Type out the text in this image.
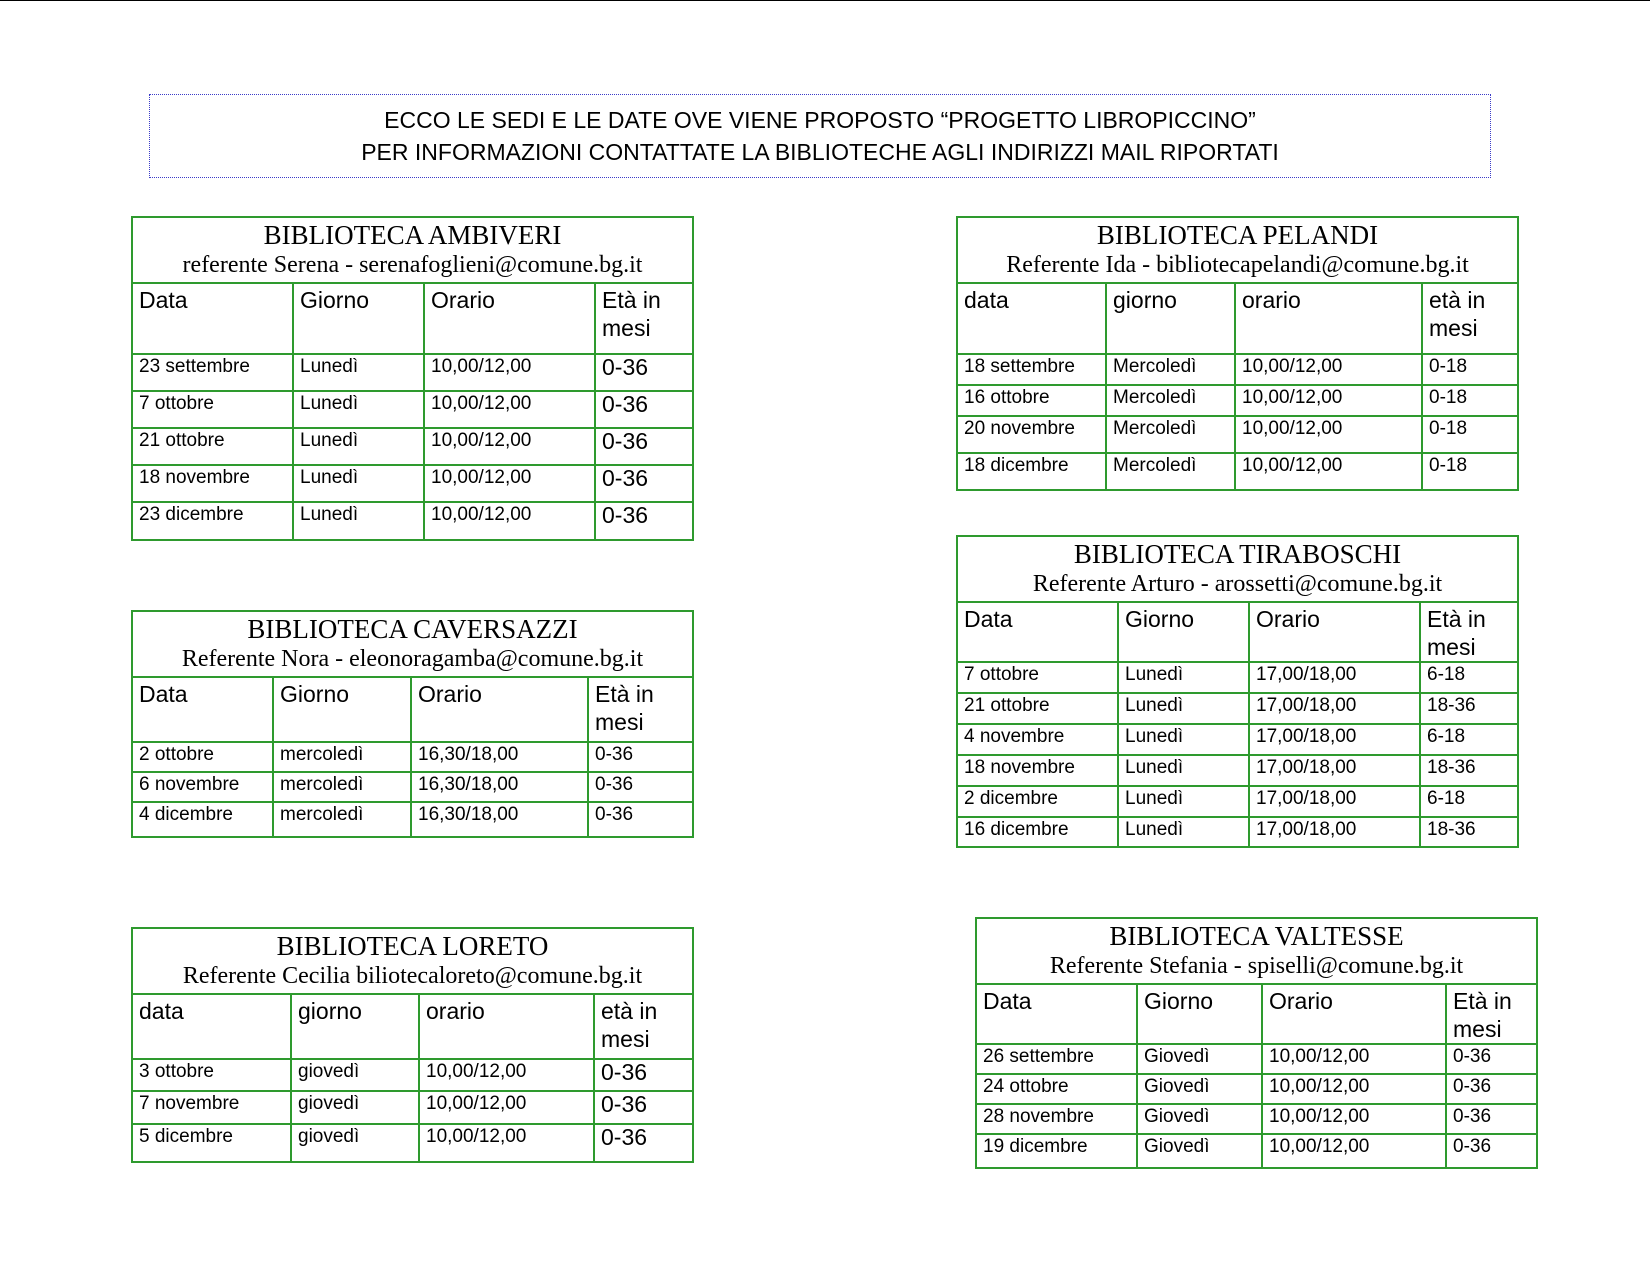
ECCO LE SEDI E LE DATE OVE VIENE PROPOSTO “PROGETTO LIBROPICCINO”
PER INFORMAZIONI CONTATTATE LA BIBLIOTECHE AGLI INDIRIZZI MAIL RIPORTATI
BIBLIOTECA AMBIVERI
referente Serena - serenafoglieni@comune.bg.it
Data	Giorno	Orario	Età in mesi
23 settembre	Lunedì	10,00/12,00	0-36
7 ottobre	Lunedì	10,00/12,00	0-36
21 ottobre	Lunedì	10,00/12,00	0-36
18 novembre	Lunedì	10,00/12,00	0-36
23 dicembre	Lunedì	10,00/12,00	0-36
BIBLIOTECA CAVERSAZZI
Referente Nora - eleonoragamba@comune.bg.it
Data	Giorno	Orario	Età in mesi
2 ottobre	mercoledì	16,30/18,00	0-36
6 novembre	mercoledì	16,30/18,00	0-36
4 dicembre	mercoledì	16,30/18,00	0-36
BIBLIOTECA LORETO
Referente Cecilia biliotecaloreto@comune.bg.it
data	giorno	orario	età in mesi
3 ottobre	giovedì	10,00/12,00	0-36
7 novembre	giovedì	10,00/12,00	0-36
5 dicembre	giovedì	10,00/12,00	0-36
BIBLIOTECA PELANDI
Referente Ida - bibliotecapelandi@comune.bg.it
data	giorno	orario	età in mesi
18 settembre	Mercoledì	10,00/12,00	0-18
16 ottobre	Mercoledì	10,00/12,00	0-18
20 novembre	Mercoledì	10,00/12,00	0-18
18 dicembre	Mercoledì	10,00/12,00	0-18
BIBLIOTECA TIRABOSCHI
Referente Arturo - arossetti@comune.bg.it
Data	Giorno	Orario	Età in mesi
7 ottobre	Lunedì	17,00/18,00	6-18
21 ottobre	Lunedì	17,00/18,00	18-36
4 novembre	Lunedì	17,00/18,00	6-18
18 novembre	Lunedì	17,00/18,00	18-36
2 dicembre	Lunedì	17,00/18,00	6-18
16 dicembre	Lunedì	17,00/18,00	18-36
BIBLIOTECA VALTESSE
Referente Stefania - spiselli@comune.bg.it
Data	Giorno	Orario	Età in mesi
26 settembre	Giovedì	10,00/12,00	0-36
24 ottobre	Giovedì	10,00/12,00	0-36
28 novembre	Giovedì	10,00/12,00	0-36
19 dicembre	Giovedì	10,00/12,00	0-36
